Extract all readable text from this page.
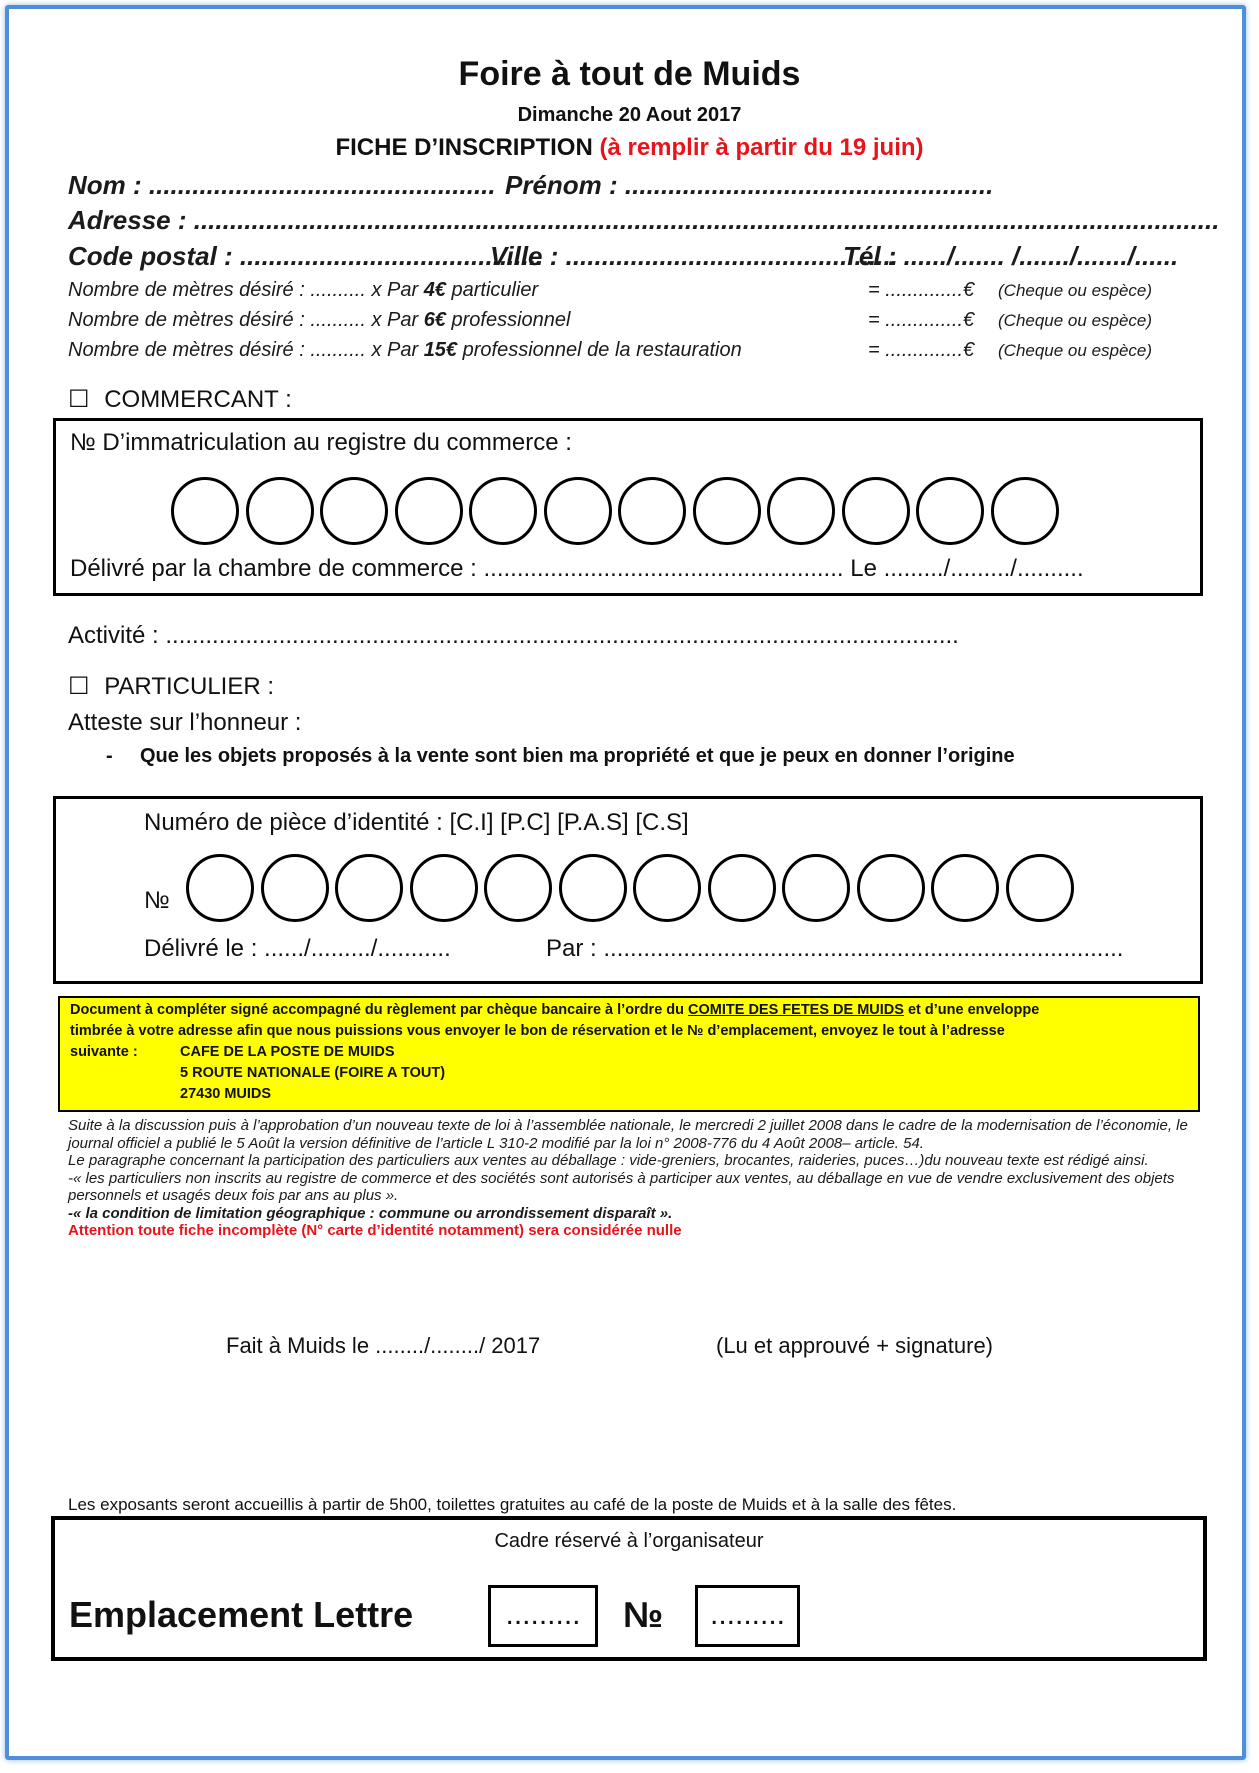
Foire à tout de Muids
Dimanche 20 Aout 2017
FICHE D’INSCRIPTION (à remplir à partir du 19 juin)
Nom : ................................................ Prénom : ...................................................
Adresse : ..............................................................................................................................................
Code postal : ..........................................
Ville : ..............................................
Tél : ....../....... /......./......./......
Nombre de mètres désiré : .......... x Par 4€ particulier	= ..............€ (Cheque ou espèce)
Nombre de mètres désiré : .......... x Par 6€ professionnel	= ..............€ (Cheque ou espèce)
Nombre de mètres désiré : .......... x Par 15€ professionnel de la restauration	= ..............€ (Cheque ou espèce)
☐ COMMERCANT :
№ D’immatriculation au registre du commerce :
Délivré par la chambre de commerce : ...................................................... Le ........./........./..........
Activité : .......................................................................................................................
☐ PARTICULIER :
Atteste sur l’honneur :
- Que les objets proposés à la vente sont bien ma propriété et que je peux en donner l’origine
Numéro de pièce d’identité : [C.I] [P.C] [P.A.S] [C.S]
№
Délivré le : ....../........./...........	Par : ..............................................................................
Document à compléter signé accompagné du règlement par chèque bancaire à l’ordre du COMITE DES FETES DE MUIDS et d’une enveloppe
timbrée à votre adresse afin que nous puissions vous envoyer le bon de réservation et le № d’emplacement, envoyez le tout à l’adresse
suivante :	CAFE DE LA POSTE DE MUIDS
5 ROUTE NATIONALE (FOIRE A TOUT)
27430 MUIDS
Suite à la discussion puis à l’approbation d’un nouveau texte de loi à l’assemblée nationale, le mercredi 2 juillet 2008 dans le cadre de la modernisation de l’économie, le journal officiel a publié le 5 Août la version définitive de l’article L 310-2 modifié par la loi n° 2008-776 du 4 Août 2008– article. 54.
Le paragraphe concernant la participation des particuliers aux ventes au déballage : vide-greniers, brocantes, raideries, puces…)du nouveau texte est rédigé ainsi.
-« les particuliers non inscrits au registre de commerce et des sociétés sont autorisés à participer aux ventes, au déballage en vue de vendre exclusivement des objets personnels et usagés deux fois par ans au plus ».
-« la condition de limitation géographique : commune ou arrondissement disparaît ».
Attention toute fiche incomplète (N° carte d’identité notamment) sera considérée nulle
Fait à Muids le ......../......../ 2017	(Lu et approuvé + signature)
Les exposants seront accueillis à partir de 5h00, toilettes gratuites au café de la poste de Muids et à la salle des fêtes.
Cadre réservé à l’organisateur
Emplacement Lettre	.........	№	.........
